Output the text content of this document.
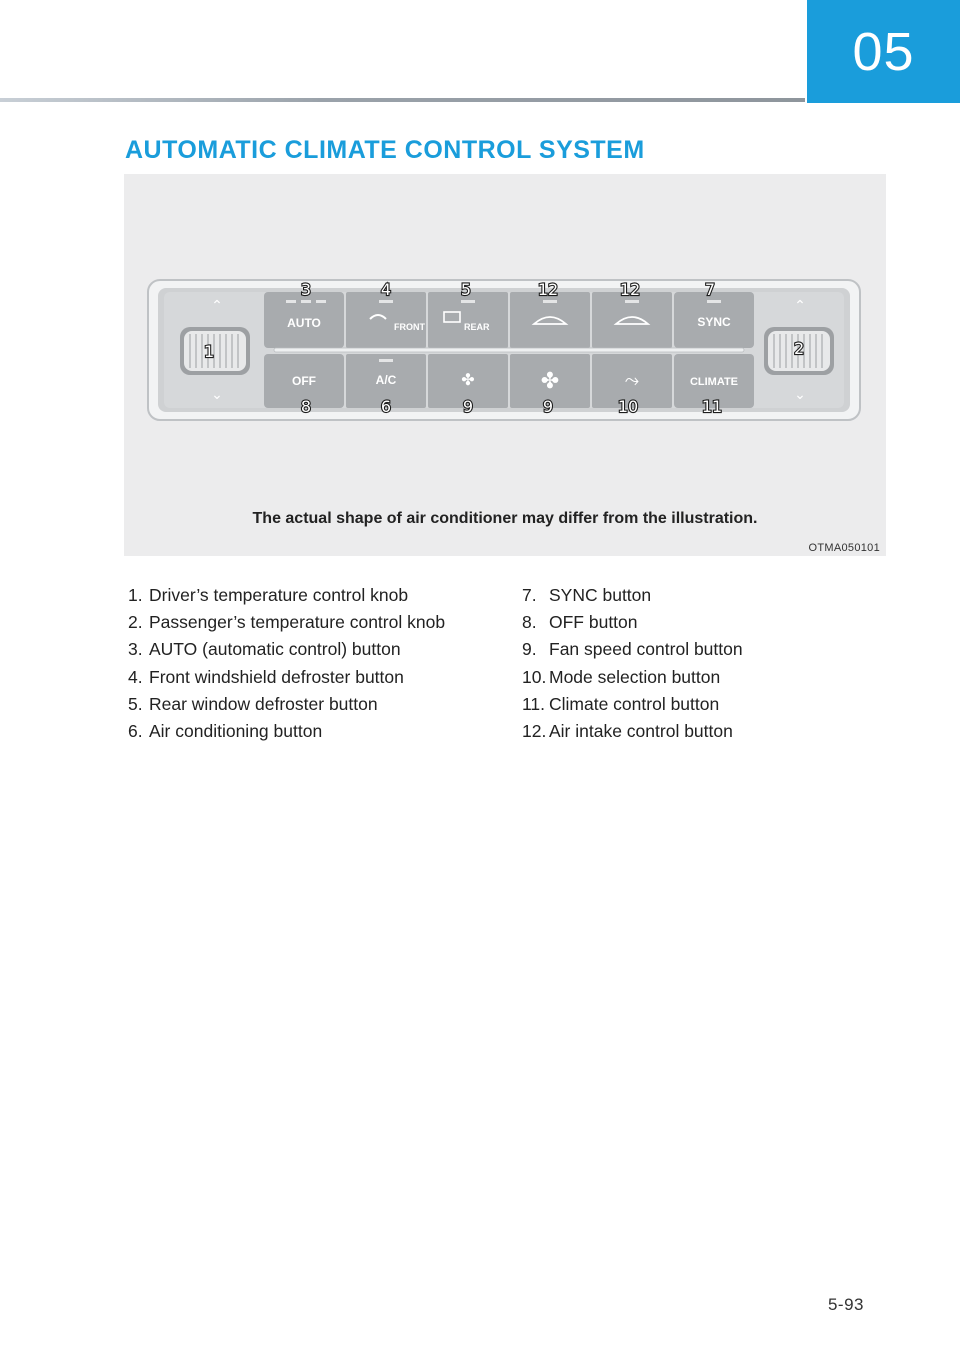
05
AUTOMATIC CLIMATE CONTROL SYSTEM
⌃
⌄
⌃
⌄
AUTO	FRONT	REAR	SYNC
OFF	A/C	✤	✤	⤳	CLIMATE
1	2
3	4	5	12	12	7
8	6	9	9	10	11
The actual shape of air conditioner may differ from the illustration.
OTMA050101
1. Driver’s temperature control knob
2. Passenger’s temperature control knob
3. AUTO (automatic control) button
4. Front windshield defroster button
5. Rear window defroster button
6. Air conditioning button
7. SYNC button
8. OFF button
9. Fan speed control button
10. Mode selection button
11. Climate control button
12. Air intake control button
5-93
